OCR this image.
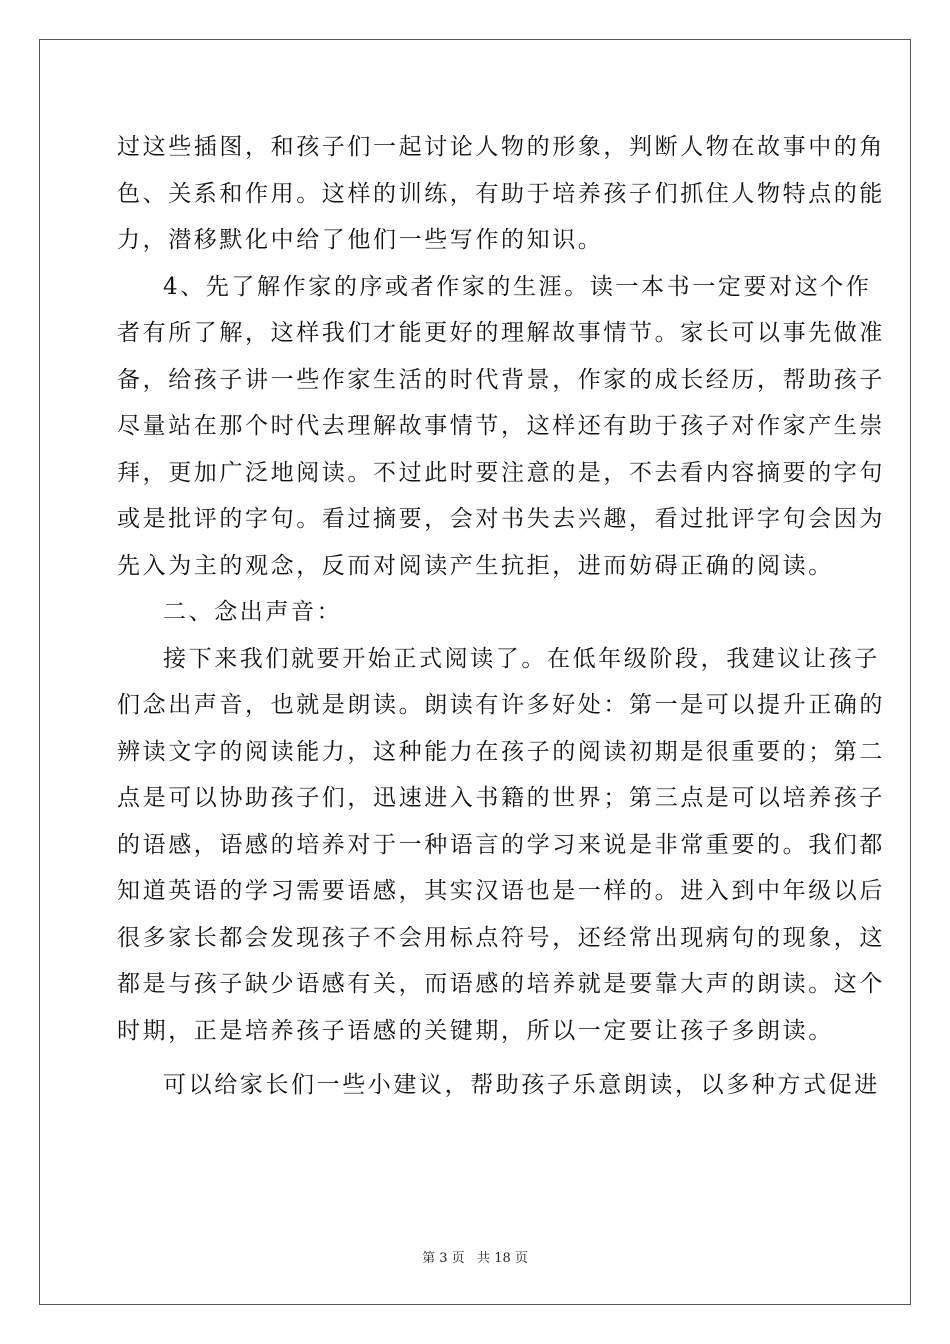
过这些插图，和孩子们一起讨论人物的形象，判断人物在故事中的角
色、关系和作用。这样的训练，有助于培养孩子们抓住人物特点的能
力，潜移默化中给了他们一些写作的知识。
4、先了解作家的序或者作家的生涯。读一本书一定要对这个作
者有所了解，这样我们才能更好的理解故事情节。家长可以事先做准
备，给孩子讲一些作家生活的时代背景，作家的成长经历，帮助孩子
尽量站在那个时代去理解故事情节，这样还有助于孩子对作家产生崇
拜，更加广泛地阅读。不过此时要注意的是，不去看内容摘要的字句
或是批评的字句。看过摘要，会对书失去兴趣，看过批评字句会因为
先入为主的观念，反而对阅读产生抗拒，进而妨碍正确的阅读。
二、念出声音：
接下来我们就要开始正式阅读了。在低年级阶段，我建议让孩子
们念出声音，也就是朗读。朗读有许多好处：第一是可以提升正确的
辨读文字的阅读能力，这种能力在孩子的阅读初期是很重要的；第二
点是可以协助孩子们，迅速进入书籍的世界；第三点是可以培养孩子
的语感，语感的培养对于一种语言的学习来说是非常重要的。我们都
知道英语的学习需要语感，其实汉语也是一样的。进入到中年级以后
很多家长都会发现孩子不会用标点符号，还经常出现病句的现象，这
都是与孩子缺少语感有关，而语感的培养就是要靠大声的朗读。这个
时期，正是培养孩子语感的关键期，所以一定要让孩子多朗读。
可以给家长们一些小建议，帮助孩子乐意朗读，以多种方式促进
第 3 页   共 18 页
